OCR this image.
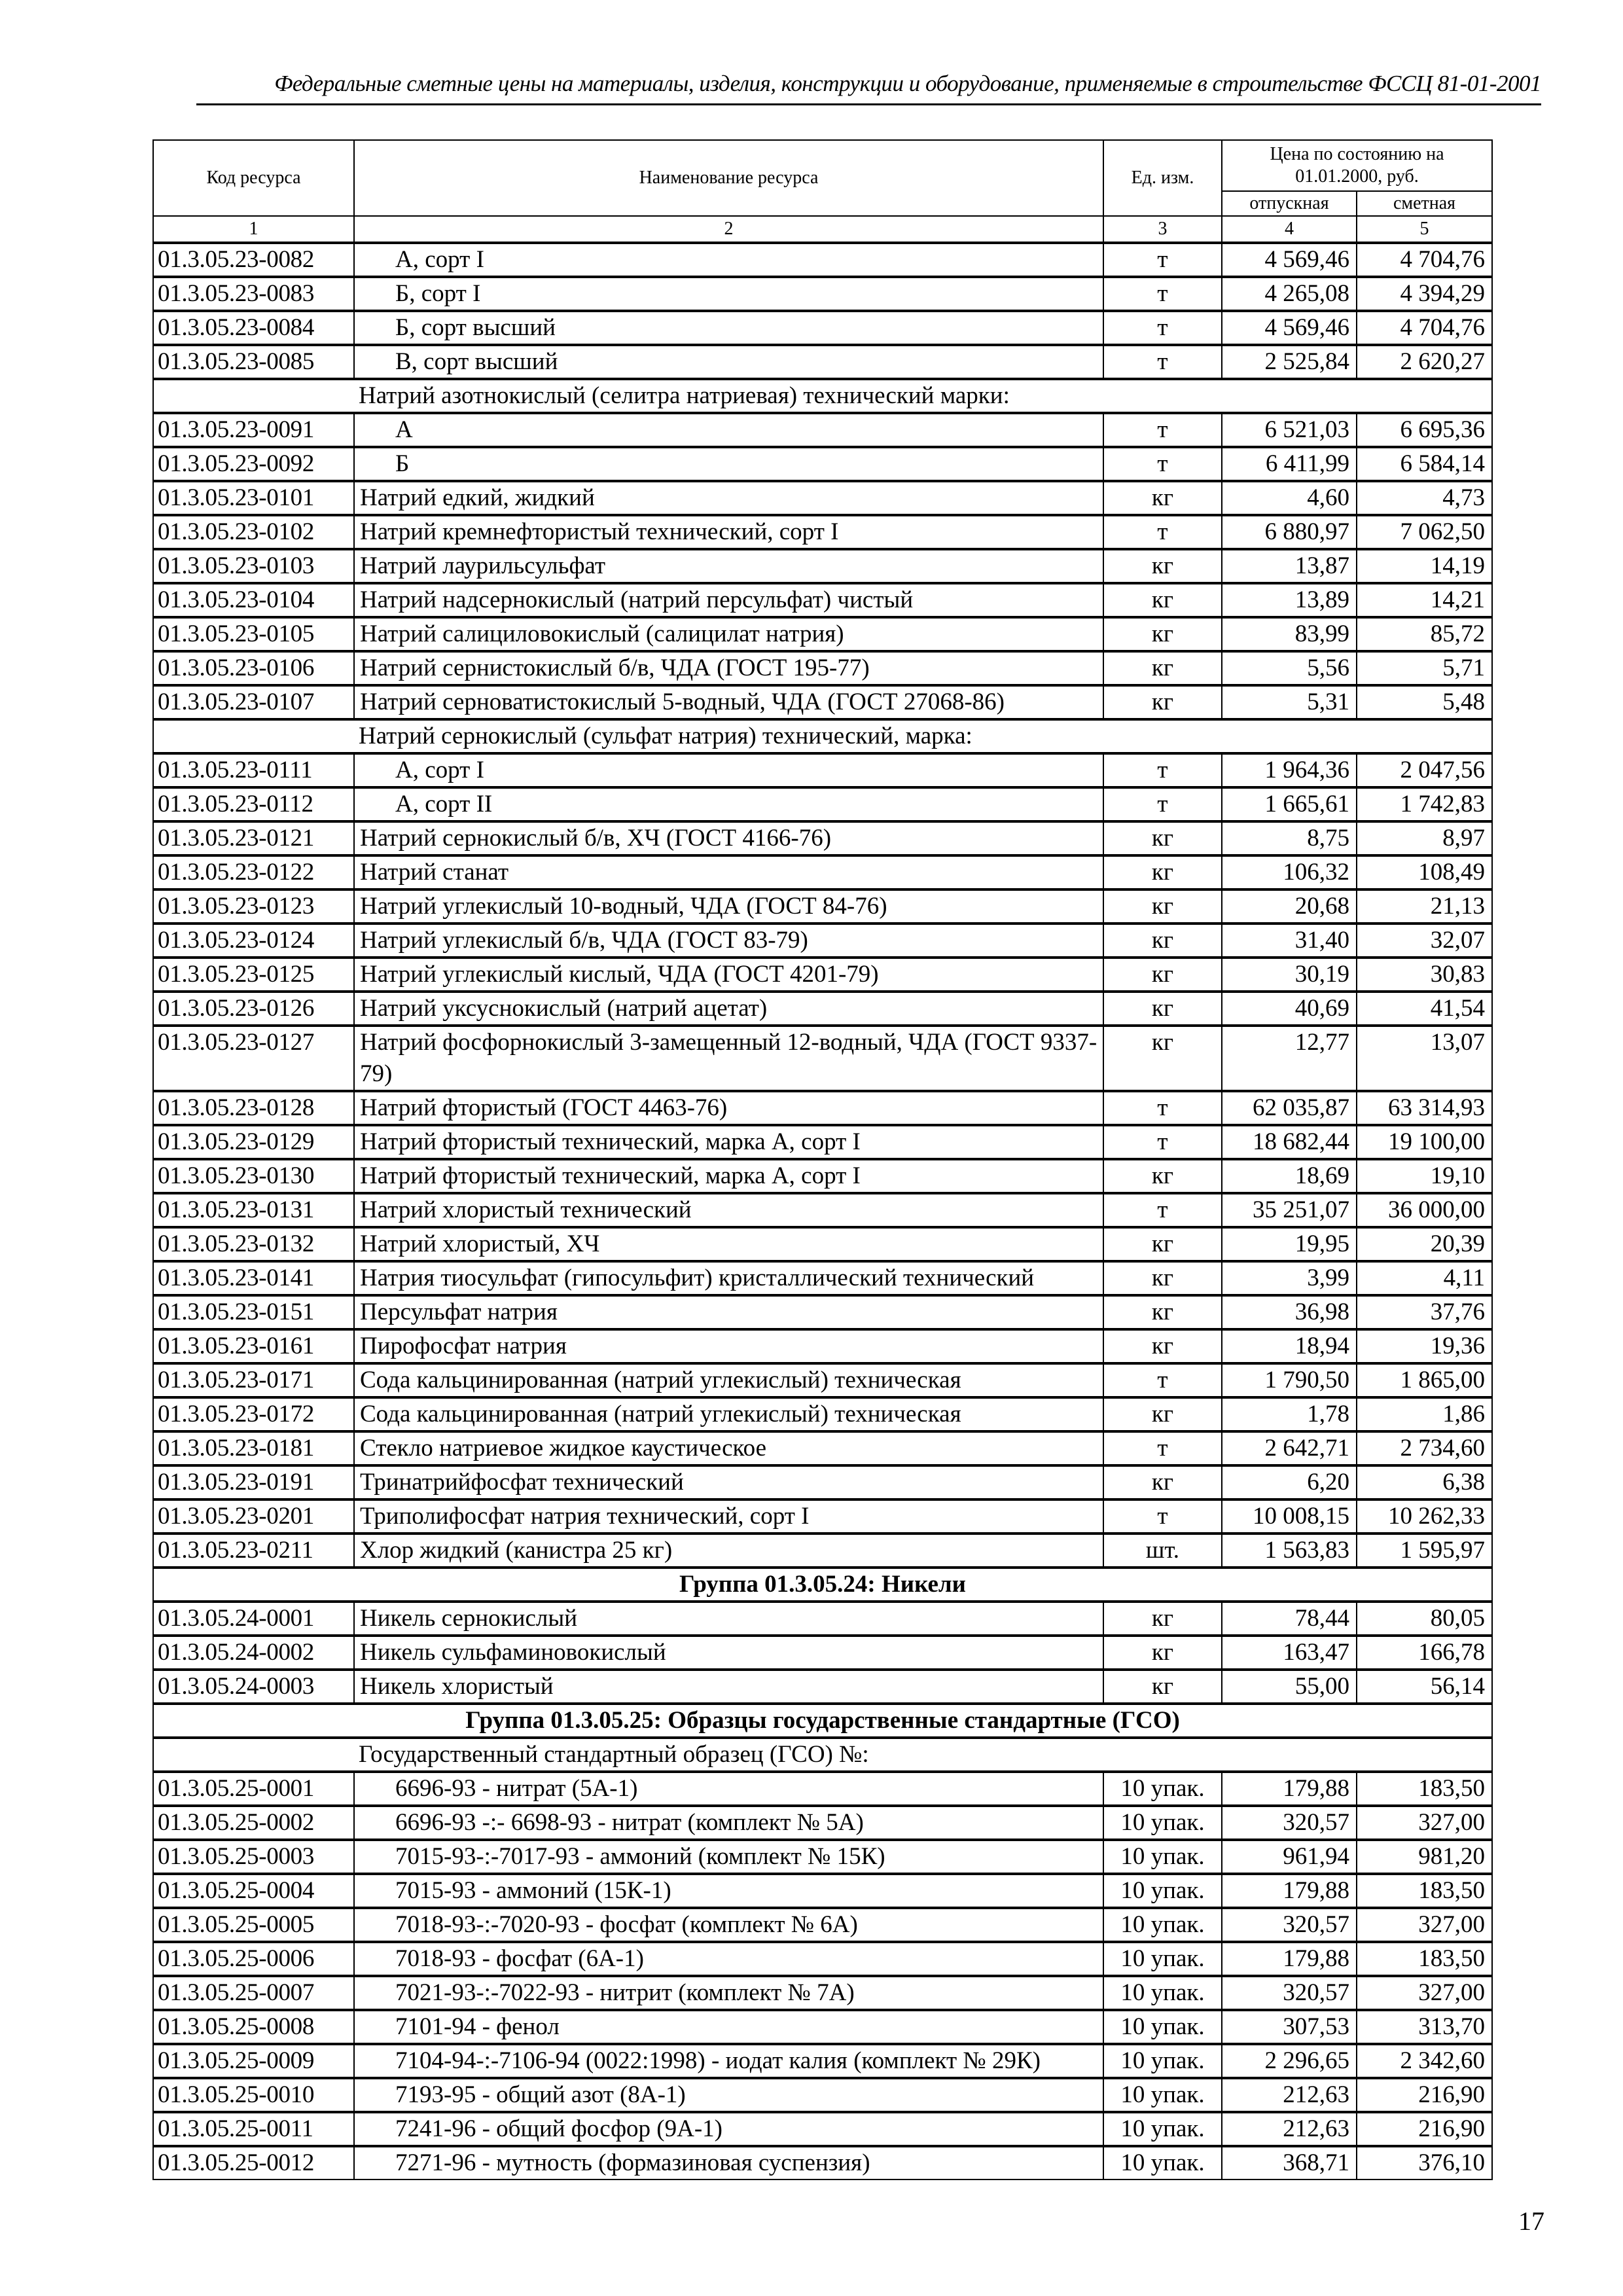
Федеральные сметные цены на материалы, изделия, конструкции и оборудование, применяемые в строительстве ФССЦ 81-01-2001
Код ресурса	Наименование ресурса	Ед. изм.	Цена по состоянию на 01.01.2000, руб.	
			отпускная	сметная
1	2	3	4	5
01.3.05.23-0082	А, сорт I	т	4 569,46	4 704,76
01.3.05.23-0083	Б, сорт I	т	4 265,08	4 394,29
01.3.05.23-0084	Б, сорт высший	т	4 569,46	4 704,76
01.3.05.23-0085	В, сорт высший	т	2 525,84	2 620,27
Натрий азотнокислый (селитра натриевая) технический марки:				
01.3.05.23-0091	А	т	6 521,03	6 695,36
01.3.05.23-0092	Б	т	6 411,99	6 584,14
01.3.05.23-0101	Натрий едкий, жидкий	кг	4,60	4,73
01.3.05.23-0102	Натрий кремнефтористый технический, сорт I	т	6 880,97	7 062,50
01.3.05.23-0103	Натрий лаурильсульфат	кг	13,87	14,19
01.3.05.23-0104	Натрий надсернокислый (натрий персульфат) чистый	кг	13,89	14,21
01.3.05.23-0105	Натрий салициловокислый (салицилат натрия)	кг	83,99	85,72
01.3.05.23-0106	Натрий сернистокислый б/в, ЧДА (ГОСТ 195-77)	кг	5,56	5,71
01.3.05.23-0107	Натрий серноватистокислый 5-водный, ЧДА (ГОСТ 27068-86)	кг	5,31	5,48
Натрий сернокислый (сульфат натрия) технический, марка:				
01.3.05.23-0111	А, сорт I	т	1 964,36	2 047,56
01.3.05.23-0112	А, сорт II	т	1 665,61	1 742,83
01.3.05.23-0121	Натрий сернокислый б/в, ХЧ (ГОСТ 4166-76)	кг	8,75	8,97
01.3.05.23-0122	Натрий станат	кг	106,32	108,49
01.3.05.23-0123	Натрий углекислый 10-водный, ЧДА (ГОСТ 84-76)	кг	20,68	21,13
01.3.05.23-0124	Натрий углекислый б/в, ЧДА (ГОСТ 83-79)	кг	31,40	32,07
01.3.05.23-0125	Натрий углекислый кислый, ЧДА (ГОСТ 4201-79)	кг	30,19	30,83
01.3.05.23-0126	Натрий уксуснокислый (натрий ацетат)	кг	40,69	41,54
01.3.05.23-0127	Натрий фосфорнокислый 3-замещенный 12-водный, ЧДА (ГОСТ 9337-79)	кг	12,77	13,07
01.3.05.23-0128	Натрий фтористый (ГОСТ 4463-76)	т	62 035,87	63 314,93
01.3.05.23-0129	Натрий фтористый технический, марка А, сорт I	т	18 682,44	19 100,00
01.3.05.23-0130	Натрий фтористый технический, марка А, сорт I	кг	18,69	19,10
01.3.05.23-0131	Натрий хлористый технический	т	35 251,07	36 000,00
01.3.05.23-0132	Натрий хлористый, ХЧ	кг	19,95	20,39
01.3.05.23-0141	Натрия тиосульфат (гипосульфит) кристаллический технический	кг	3,99	4,11
01.3.05.23-0151	Персульфат натрия	кг	36,98	37,76
01.3.05.23-0161	Пирофосфат натрия	кг	18,94	19,36
01.3.05.23-0171	Сода кальцинированная (натрий углекислый) техническая	т	1 790,50	1 865,00
01.3.05.23-0172	Сода кальцинированная (натрий углекислый) техническая	кг	1,78	1,86
01.3.05.23-0181	Стекло натриевое жидкое каустическое	т	2 642,71	2 734,60
01.3.05.23-0191	Тринатрийфосфат технический	кг	6,20	6,38
01.3.05.23-0201	Триполифосфат натрия технический, сорт I	т	10 008,15	10 262,33
01.3.05.23-0211	Хлор жидкий (канистра 25 кг)	шт.	1 563,83	1 595,97
Группа 01.3.05.24: Никели				
01.3.05.24-0001	Никель сернокислый	кг	78,44	80,05
01.3.05.24-0002	Никель сульфаминовокислый	кг	163,47	166,78
01.3.05.24-0003	Никель хлористый	кг	55,00	56,14
Группа 01.3.05.25: Образцы государственные стандартные (ГСО)				
Государственный стандартный образец (ГСО) №:				
01.3.05.25-0001	6696-93 - нитрат (5А-1)	10 упак.	179,88	183,50
01.3.05.25-0002	6696-93 -:- 6698-93 - нитрат (комплект № 5А)	10 упак.	320,57	327,00
01.3.05.25-0003	7015-93-:-7017-93 - аммоний (комплект № 15К)	10 упак.	961,94	981,20
01.3.05.25-0004	7015-93 - аммоний (15К-1)	10 упак.	179,88	183,50
01.3.05.25-0005	7018-93-:-7020-93 - фосфат (комплект № 6А)	10 упак.	320,57	327,00
01.3.05.25-0006	7018-93 - фосфат (6А-1)	10 упак.	179,88	183,50
01.3.05.25-0007	7021-93-:-7022-93 - нитрит (комплект № 7А)	10 упак.	320,57	327,00
01.3.05.25-0008	7101-94 - фенол	10 упак.	307,53	313,70
01.3.05.25-0009	7104-94-:-7106-94 (0022:1998) - иодат калия (комплект № 29К)	10 упак.	2 296,65	2 342,60
01.3.05.25-0010	7193-95 - общий азот (8А-1)	10 упак.	212,63	216,90
01.3.05.25-0011	7241-96 - общий фосфор (9А-1)	10 упак.	212,63	216,90
01.3.05.25-0012	7271-96 - мутность (формазиновая суспензия)	10 упак.	368,71	376,10
17
